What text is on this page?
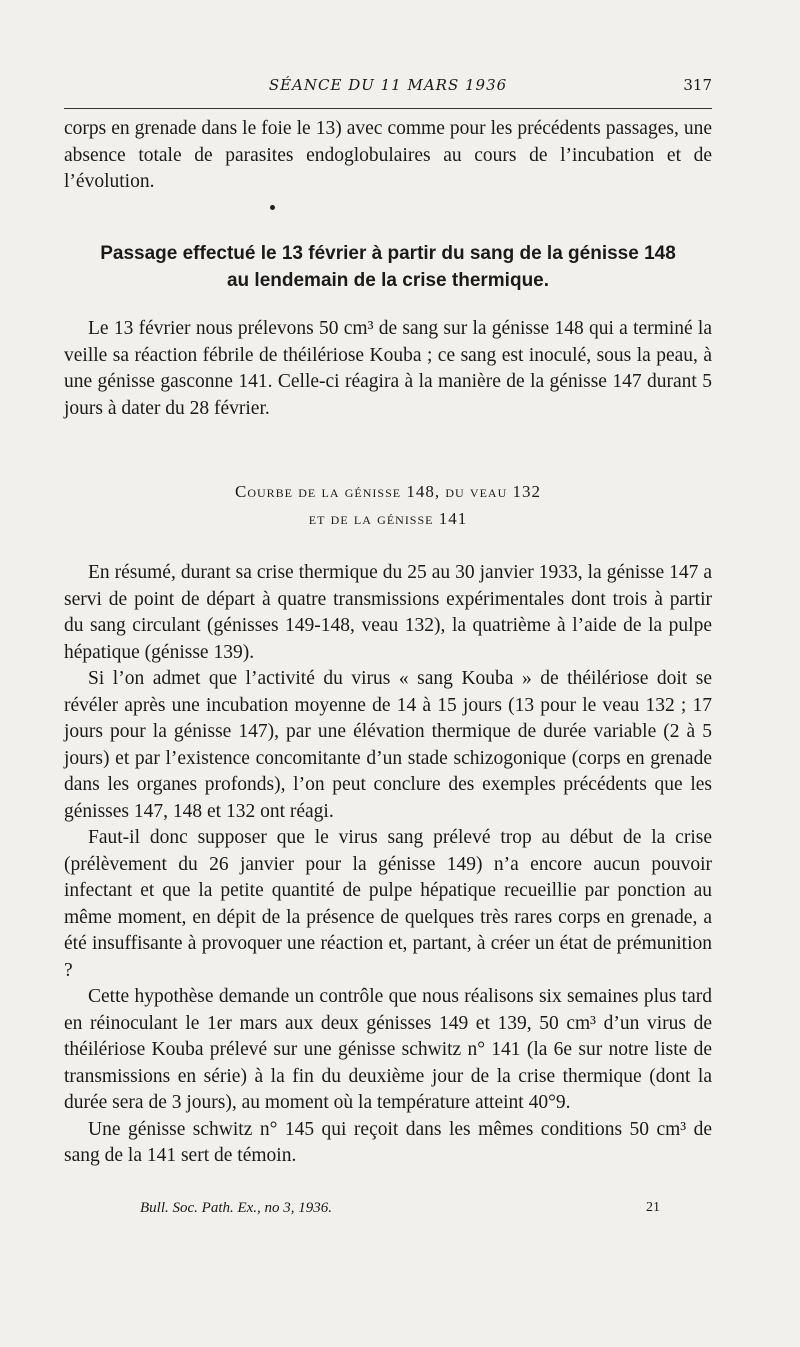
SÉANCE DU 11 MARS 1936	317

corps en grenade dans le foie le 13) avec comme pour les précédents passages, une absence totale de parasites endoglobulaires au cours de l’incubation et de l’évolution.

Passage effectué le 13 février à partir du sang de la génisse 148
au lendemain de la crise thermique.

Le 13 février nous prélevons 50 cm³ de sang sur la génisse 148 qui a terminé la veille sa réaction fébrile de théilériose Kouba ; ce sang est inoculé, sous la peau, à une génisse gasconne 141. Celle-ci réagira à la manière de la génisse 147 durant 5 jours à dater du 28 février.

Courbe de la génisse 148, du veau 132
et de la génisse 141

En résumé, durant sa crise thermique du 25 au 30 janvier 1933, la génisse 147 a servi de point de départ à quatre transmissions expérimentales dont trois à partir du sang circulant (génisses 149-148, veau 132), la quatrième à l’aide de la pulpe hépatique (génisse 139).

Si l’on admet que l’activité du virus « sang Kouba » de théilériose doit se révéler après une incubation moyenne de 14 à 15 jours (13 pour le veau 132 ; 17 jours pour la génisse 147), par une élévation thermique de durée variable (2 à 5 jours) et par l’existence concomitante d’un stade schizogonique (corps en grenade dans les organes profonds), l’on peut conclure des exemples précédents que les génisses 147, 148 et 132 ont réagi.

Faut-il donc supposer que le virus sang prélevé trop au début de la crise (prélèvement du 26 janvier pour la génisse 149) n’a encore aucun pouvoir infectant et que la petite quantité de pulpe hépatique recueillie par ponction au même moment, en dépit de la présence de quelques très rares corps en grenade, a été insuffisante à provoquer une réaction et, partant, à créer un état de prémunition ?

Cette hypothèse demande un contrôle que nous réalisons six semaines plus tard en réinoculant le 1er mars aux deux génisses 149 et 139, 50 cm³ d’un virus de théilériose Kouba prélevé sur une génisse schwitz n° 141 (la 6e sur notre liste de transmissions en série) à la fin du deuxième jour de la crise thermique (dont la durée sera de 3 jours), au moment où la température atteint 40°9.

Une génisse schwitz n° 145 qui reçoit dans les mêmes conditions 50 cm³ de sang de la 141 sert de témoin.

Bull. Soc. Path. Ex., no 3, 1936.	21
